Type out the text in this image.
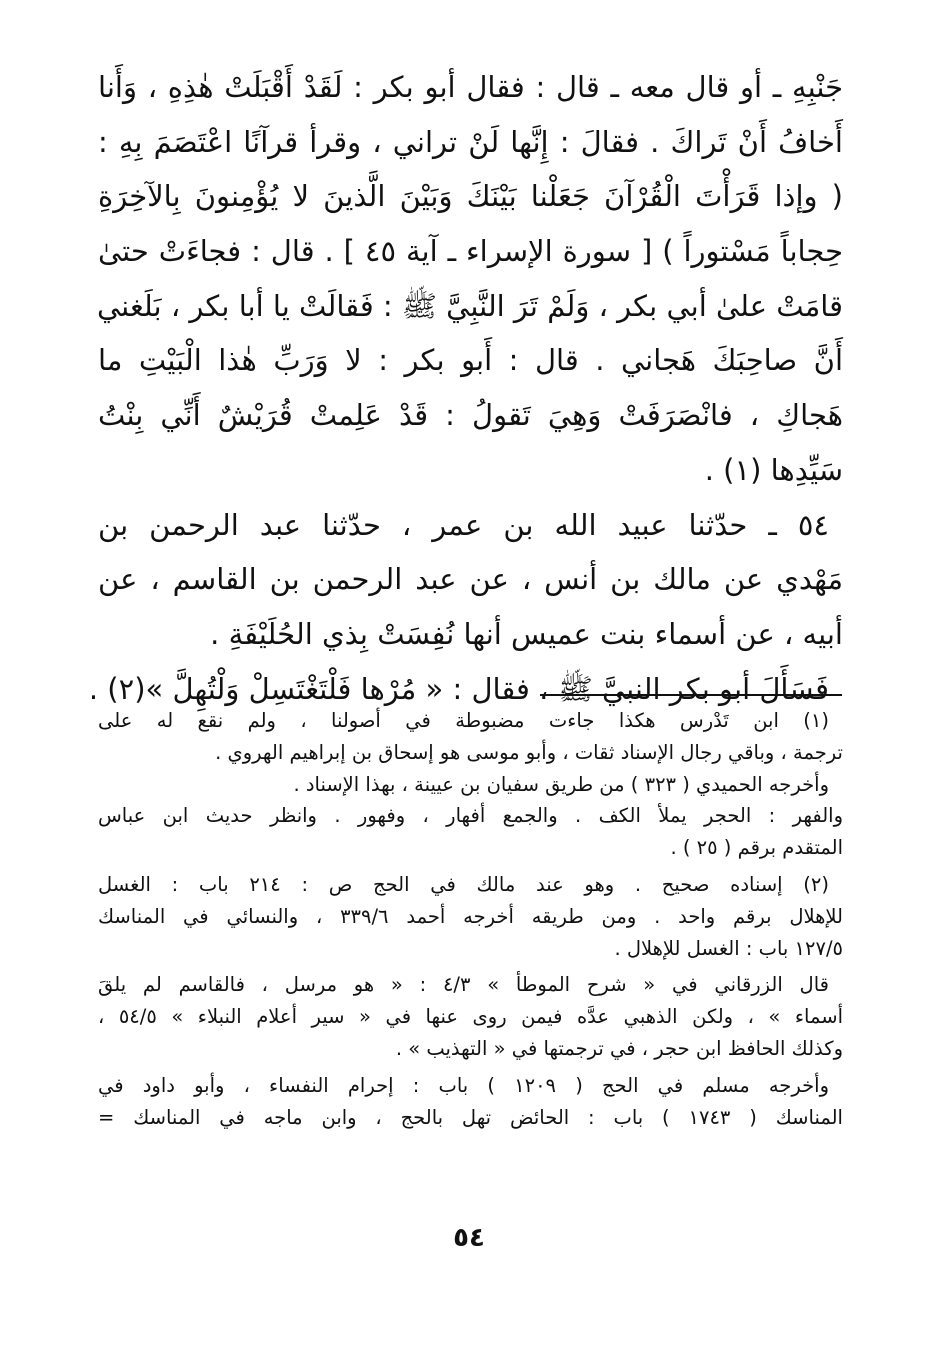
جَنْبِهِ ـ أو قال معه ـ قال : فقال أبو بكر : لَقَدْ أَقْبَلَتْ هٰذِهِ ، وَأَنا
أَخافُ أَنْ تَراكَ . فقالَ : إِنَّها لَنْ تراني ، وقرأ قرآنًا اعْتَصَمَ بِهِ :
( وإذا قَرَأْتَ الْقُرْآنَ جَعَلْنا بَيْنَكَ وَبَيْنَ الَّذينَ لا يُؤْمِنونَ بِالآخِرَةِ
حِجاباً مَسْتوراً ) [ سورة الإسراء ـ آية ٤٥ ] . قال : فجاءَتْ حتىٰ
قامَتْ علىٰ أبي بكر ، وَلَمْ تَرَ النَّبِيَّ ﷺ : فَقالَتْ يا أبا بكر ، بَلَغني
أَنَّ صاحِبَكَ هَجاني . قال : أَبو بكر : لا وَرَبِّ هٰذا الْبَيْتِ ما
هَجاكِ ، فانْصَرَفَتْ وَهِيَ تَقولُ : قَدْ عَلِمتْ قُرَيْشٌ أَنِّي بِنْتُ
سَيِّدِها (١) .
٥٤ ـ حدّثنا عبيد الله بن عمر ، حدّثنا عبد الرحمن بن
مَهْدي عن مالك بن أنس ، عن عبد الرحمن بن القاسم ، عن
أبيه ، عن أسماء بنت عميس أنها نُفِسَتْ بِذي الحُلَيْفَةِ .
فَسَأَلَ أبو بكر النبيَّ ﷺ ، فقال : « مُرْها فَلْتَغْتَسِلْ وَلْتُهِلَّ »(٢) .
(١) ابن تَدْرس هكذا جاءت مضبوطة في أصولنا ، ولم نقع له على
ترجمة ، وباقي رجال الإسناد ثقات ، وأبو موسى هو إسحاق بن إبراهيم الهروي .
وأخرجه الحميدي ( ٣٢٣ ) من طريق سفيان بن عيينة ، بهذا الإسناد .
والفهر : الحجر يملأ الكف . والجمع أفهار ، وفهور . وانظر حديث ابن عباس
المتقدم برقم ( ٢٥ ) .
(٢) إسناده صحيح . وهو عند مالك في الحج ص : ٢١٤ باب : الغسل
للإهلال برقم واحد . ومن طريقه أخرجه أحمد ٣٣٩/٦ ، والنسائي في المناسك
١٢٧/٥ باب : الغسل للإهلال .
قال الزرقاني في « شرح الموطأ » ٤/٣ : « هو مرسل ، فالقاسم لم يلقَ
أسماء » ، ولكن الذهبي عدَّه فيمن روى عنها في « سير أعلام النبلاء » ٥٤/٥ ،
وكذلك الحافظ ابن حجر ، في ترجمتها في « التهذيب » .
وأخرجه مسلم في الحج ( ١٢٠٩ ) باب : إحرام النفساء ، وأبو داود في
المناسك ( ١٧٤٣ ) باب : الحائض تهل بالحج ، وابن ماجه في المناسك =
٥٤
